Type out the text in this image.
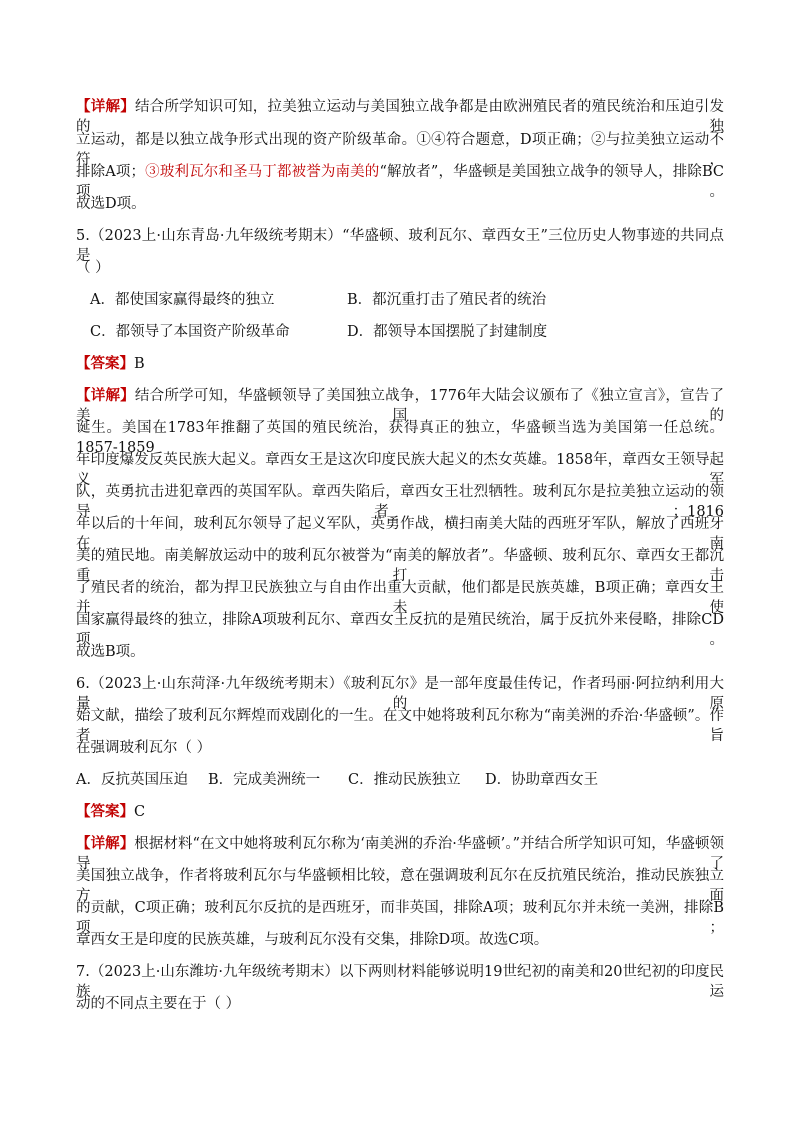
【详解】结合所学知识可知，拉美独立运动与美国独立战争都是由欧洲殖民者的殖民统治和压迫引发的独
立运动，都是以独立战争形式出现的资产阶级革命。①④符合题意，D项正确；②与拉美独立运动不符，
排除A项；③玻利瓦尔和圣马丁都被誉为南美的“解放者”，华盛顿是美国独立战争的领导人，排除BC项。
故选D项。
5.（2023上·山东青岛·九年级统考期末）“华盛顿、玻利瓦尔、章西女王”三位历史人物事迹的共同点是
（ ）
A．都使国家赢得最终的独立	B．都沉重打击了殖民者的统治
C．都领导了本国资产阶级革命	D．都领导本国摆脱了封建制度
【答案】B
【详解】结合所学可知，华盛顿领导了美国独立战争，1776年大陆会议颁布了《独立宣言》，宣告了美国的
诞生。美国在1783年推翻了英国的殖民统治，获得真正的独立，华盛顿当选为美国第一任总统。1857-1859
年印度爆发反英民族大起义。章西女王是这次印度民族大起义的杰女英雄。1858年，章西女王领导起义军
队，英勇抗击进犯章西的英国军队。章西失陷后，章西女王壮烈牺牲。玻利瓦尔是拉美独立运动的领导者；1816
年以后的十年间，玻利瓦尔领导了起义军队，英勇作战，横扫南美大陆的西班牙军队，解放了西班牙在南
美的殖民地。南美解放运动中的玻利瓦尔被誉为“南美的解放者”。华盛顿、玻利瓦尔、章西女王都沉重打击
了殖民者的统治，都为捍卫民族独立与自由作出重大贡献，他们都是民族英雄，B项正确；章西女王并未使
国家赢得最终的独立，排除A项玻利瓦尔、章西女王反抗的是殖民统治，属于反抗外来侵略，排除CD项。
故选B项。
6.（2023上·山东菏泽·九年级统考期末）《玻利瓦尔》是一部年度最佳传记，作者玛丽·阿拉纳利用大量的原
始文献，描绘了玻利瓦尔辉煌而戏剧化的一生。在文中她将玻利瓦尔称为“南美洲的乔治·华盛顿”。作者旨
在强调玻利瓦尔（ ）
A．反抗英国压迫 B．完成美洲统一 C．推动民族独立 D．协助章西女王
【答案】C
【详解】根据材料“在文中她将玻利瓦尔称为‘南美洲的乔治·华盛顿’。”并结合所学知识可知，华盛顿领导了
美国独立战争，作者将玻利瓦尔与华盛顿相比较，意在强调玻利瓦尔在反抗殖民统治，推动民族独立方面
的贡献，C项正确；玻利瓦尔反抗的是西班牙，而非英国，排除A项；玻利瓦尔并未统一美洲，排除B项；
章西女王是印度的民族英雄，与玻利瓦尔没有交集，排除D项。故选C项。
7.（2023上·山东潍坊·九年级统考期末）以下两则材料能够说明19世纪初的南美和20世纪初的印度民族运
动的不同点主要在于（ ）
